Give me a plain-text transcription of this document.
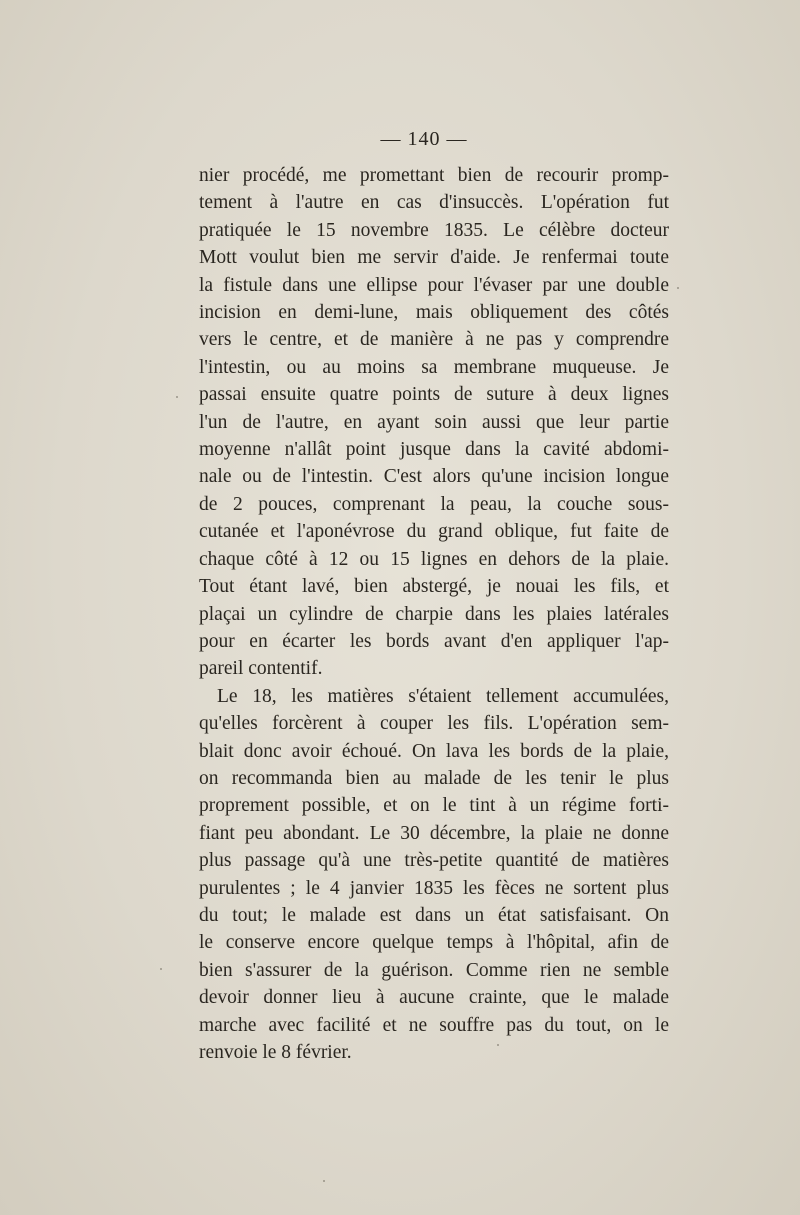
— 140 —

nier procédé, me promettant bien de recourir promp-
tement à l'autre en cas d'insuccès. L'opération fut
pratiquée le 15 novembre 1835. Le célèbre docteur
Mott voulut bien me servir d'aide. Je renfermai toute
la fistule dans une ellipse pour l'évaser par une double
incision en demi-lune, mais obliquement des côtés
vers le centre, et de manière à ne pas y comprendre
l'intestin, ou au moins sa membrane muqueuse. Je
passai ensuite quatre points de suture à deux lignes
l'un de l'autre, en ayant soin aussi que leur partie
moyenne n'allât point jusque dans la cavité abdomi-
nale ou de l'intestin. C'est alors qu'une incision longue
de 2 pouces, comprenant la peau, la couche sous-
cutanée et l'aponévrose du grand oblique, fut faite de
chaque côté à 12 ou 15 lignes en dehors de la plaie.
Tout étant lavé, bien abstergé, je nouai les fils, et
plaçai un cylindre de charpie dans les plaies latérales
pour en écarter les bords avant d'en appliquer l'ap-
pareil contentif.

Le 18, les matières s'étaient tellement accumulées,
qu'elles forcèrent à couper les fils. L'opération sem-
blait donc avoir échoué. On lava les bords de la plaie,
on recommanda bien au malade de les tenir le plus
proprement possible, et on le tint à un régime forti-
fiant peu abondant. Le 30 décembre, la plaie ne donne
plus passage qu'à une très-petite quantité de matières
purulentes ; le 4 janvier 1835 les fèces ne sortent plus
du tout; le malade est dans un état satisfaisant. On
le conserve encore quelque temps à l'hôpital, afin de
bien s'assurer de la guérison. Comme rien ne semble
devoir donner lieu à aucune crainte, que le malade
marche avec facilité et ne souffre pas du tout, on le
renvoie le 8 février.
